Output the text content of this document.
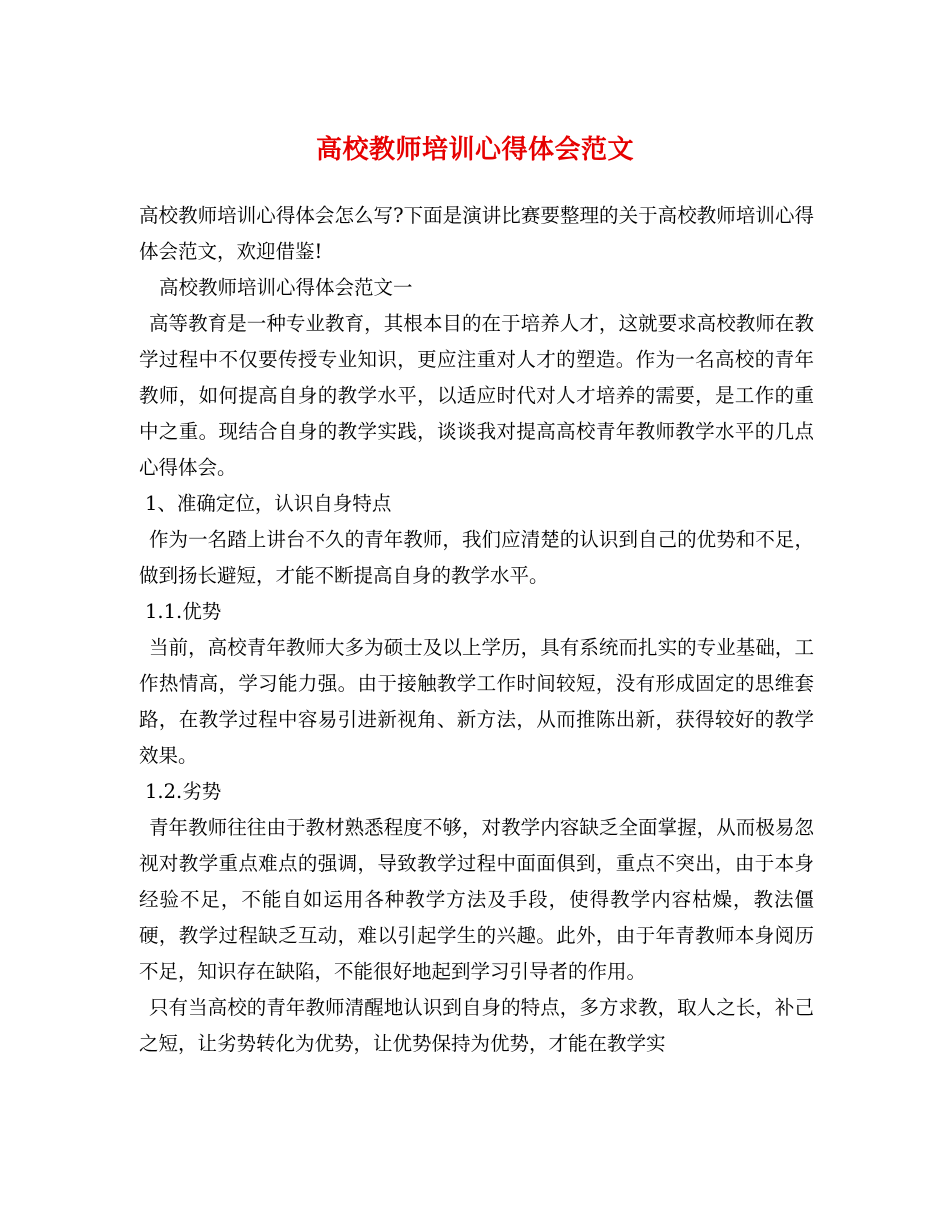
高校教师培训心得体会范文

高校教师培训心得体会怎么写?下面是演讲比赛要整理的关于高校教师培训心得体会范文，欢迎借鉴!

高校教师培训心得体会范文一

高等教育是一种专业教育，其根本目的在于培养人才，这就要求高校教师在教学过程中不仅要传授专业知识，更应注重对人才的塑造。作为一名高校的青年教师，如何提高自身的教学水平，以适应时代对人才培养的需要，是工作的重中之重。现结合自身的教学实践，谈谈我对提高高校青年教师教学水平的几点心得体会。

1、准确定位，认识自身特点

作为一名踏上讲台不久的青年教师，我们应清楚的认识到自己的优势和不足，做到扬长避短，才能不断提高自身的教学水平。

1.1.优势

当前，高校青年教师大多为硕士及以上学历，具有系统而扎实的专业基础，工作热情高，学习能力强。由于接触教学工作时间较短，没有形成固定的思维套路，在教学过程中容易引进新视角、新方法，从而推陈出新，获得较好的教学效果。

1.2.劣势

青年教师往往由于教材熟悉程度不够，对教学内容缺乏全面掌握，从而极易忽视对教学重点难点的强调，导致教学过程中面面俱到，重点不突出，由于本身经验不足，不能自如运用各种教学方法及手段，使得教学内容枯燥，教法僵硬，教学过程缺乏互动，难以引起学生的兴趣。此外，由于年青教师本身阅历不足，知识存在缺陷，不能很好地起到学习引导者的作用。

只有当高校的青年教师清醒地认识到自身的特点，多方求教，取人之长，补己之短，让劣势转化为优势，让优势保持为优势，才能在教学实
